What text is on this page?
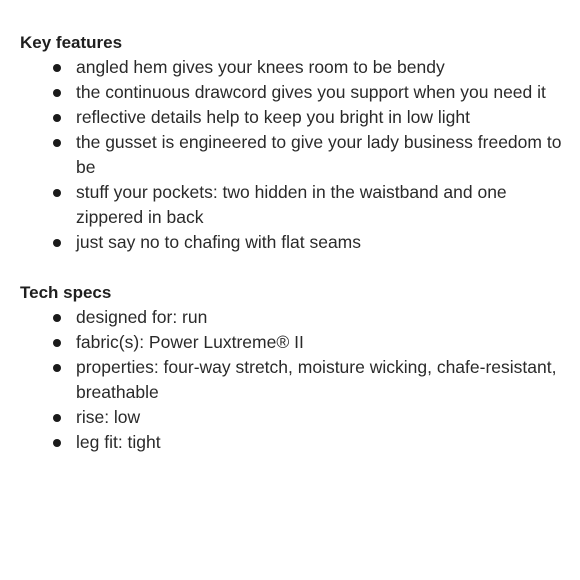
Key features
angled hem gives your knees room to be bendy
the continuous drawcord gives you support when you need it
reflective details help to keep you bright in low light
the gusset is engineered to give your lady business freedom to be
stuff your pockets: two hidden in the waistband and one zippered in back
just say no to chafing with flat seams
Tech specs
designed for: run
fabric(s): Power Luxtreme® II
properties: four-way stretch, moisture wicking, chafe-resistant, breathable
rise: low
leg fit: tight
